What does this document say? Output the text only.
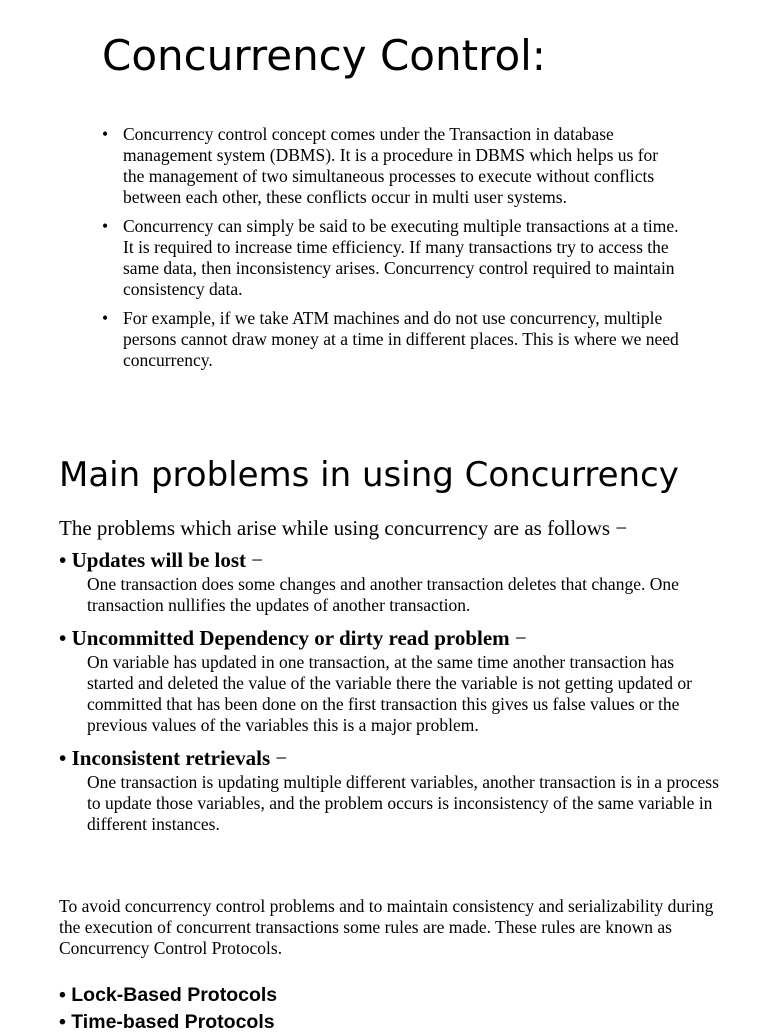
Concurrency Control:
• Concurrency control concept comes under the Transaction in database management system (DBMS). It is a procedure in DBMS which helps us for the management of two simultaneous processes to execute without conflicts between each other, these conflicts occur in multi user systems.
• Concurrency can simply be said to be executing multiple transactions at a time. It is required to increase time efficiency. If many transactions try to access the same data, then inconsistency arises. Concurrency control required to maintain consistency data.
• For example, if we take ATM machines and do not use concurrency, multiple persons cannot draw money at a time in different places. This is where we need concurrency.
Main problems in using Concurrency

The problems which arise while using concurrency are as follows −

• Updates will be lost −
One transaction does some changes and another transaction deletes that change. One transaction nullifies the updates of another transaction.
• Uncommitted Dependency or dirty read problem −
On variable has updated in one transaction, at the same time another transaction has started and deleted the value of the variable there the variable is not getting updated or committed that has been done on the first transaction this gives us false values or the previous values of the variables this is a major problem.
• Inconsistent retrievals −
One transaction is updating multiple different variables, another transaction is in a process to update those variables, and the problem occurs is inconsistency of the same variable in different instances.

To avoid concurrency control problems and to maintain consistency and serializability during the execution of concurrent transactions some rules are made. These rules are known as Concurrency Control Protocols.

• Lock-Based Protocols
• Time-based Protocols
